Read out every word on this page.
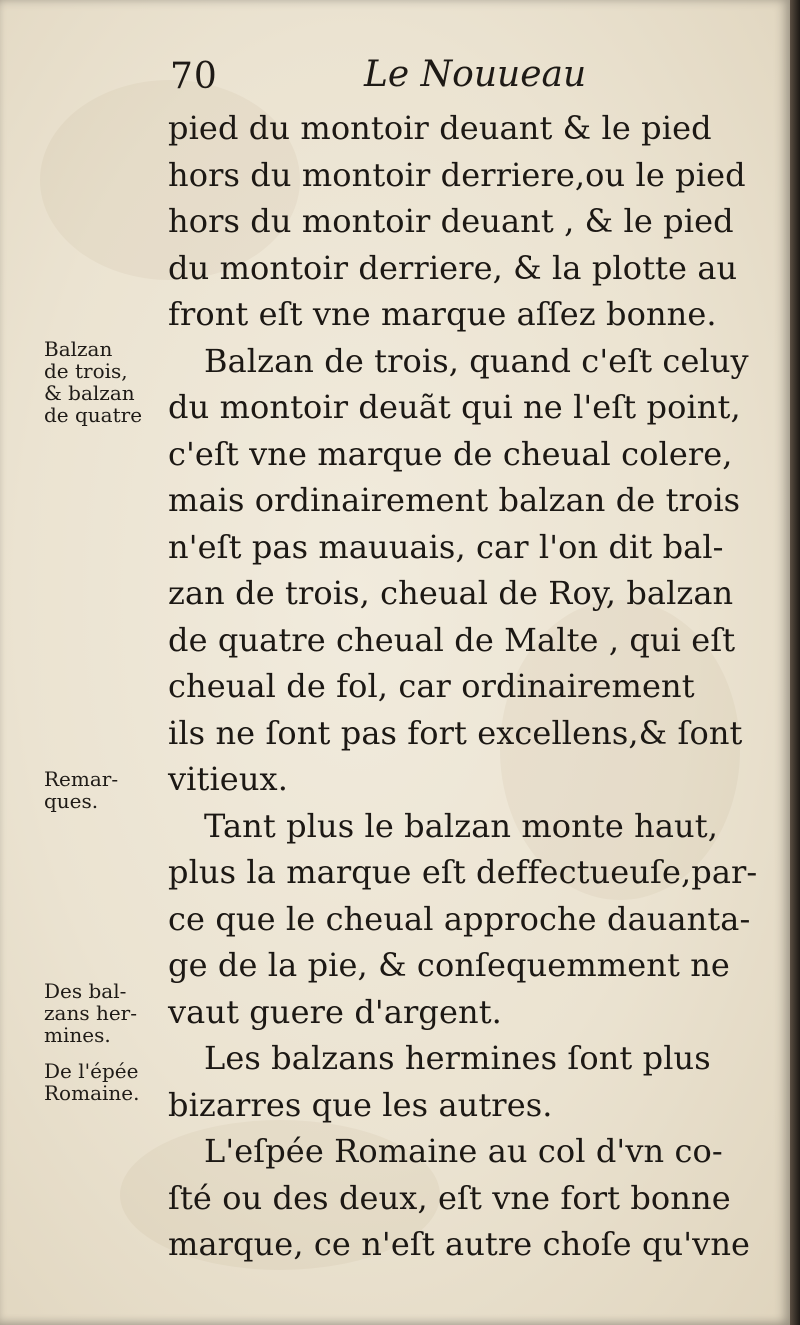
70	Le Nouueau
Balzan
de trois,
& balzan
de quatre
Remar-
ques.
Des bal-
zans her-
mines.
De l'épée
Romaine.
pied du montoir deuant & le pied
hors du montoir derriere,ou le pied
hors du montoir deuant , & le pied
du montoir derriere, & la plotte au
front eſt vne marque aſſez bonne.
Balzan de trois, quand c'eſt celuy
du montoir deuãt qui ne l'eſt point,
c'eſt vne marque de cheual colere,
mais ordinairement balzan de trois
n'eſt pas mauuais, car l'on dit bal-
zan de trois, cheual de Roy, balzan
de quatre cheual de Malte , qui eſt
cheual de fol, car ordinairement
ils ne ſont pas fort excellens,& ſont
vitieux.
Tant plus le balzan monte haut,
plus la marque eſt deffectueuſe,par-
ce que le cheual approche dauanta-
ge de la pie, & conſequemment ne
vaut guere d'argent.
Les balzans hermines ſont plus
bizarres que les autres.
L'eſpée Romaine au col d'vn co-
ſté ou des deux, eſt vne fort bonne
marque, ce n'eſt autre choſe qu'vne
